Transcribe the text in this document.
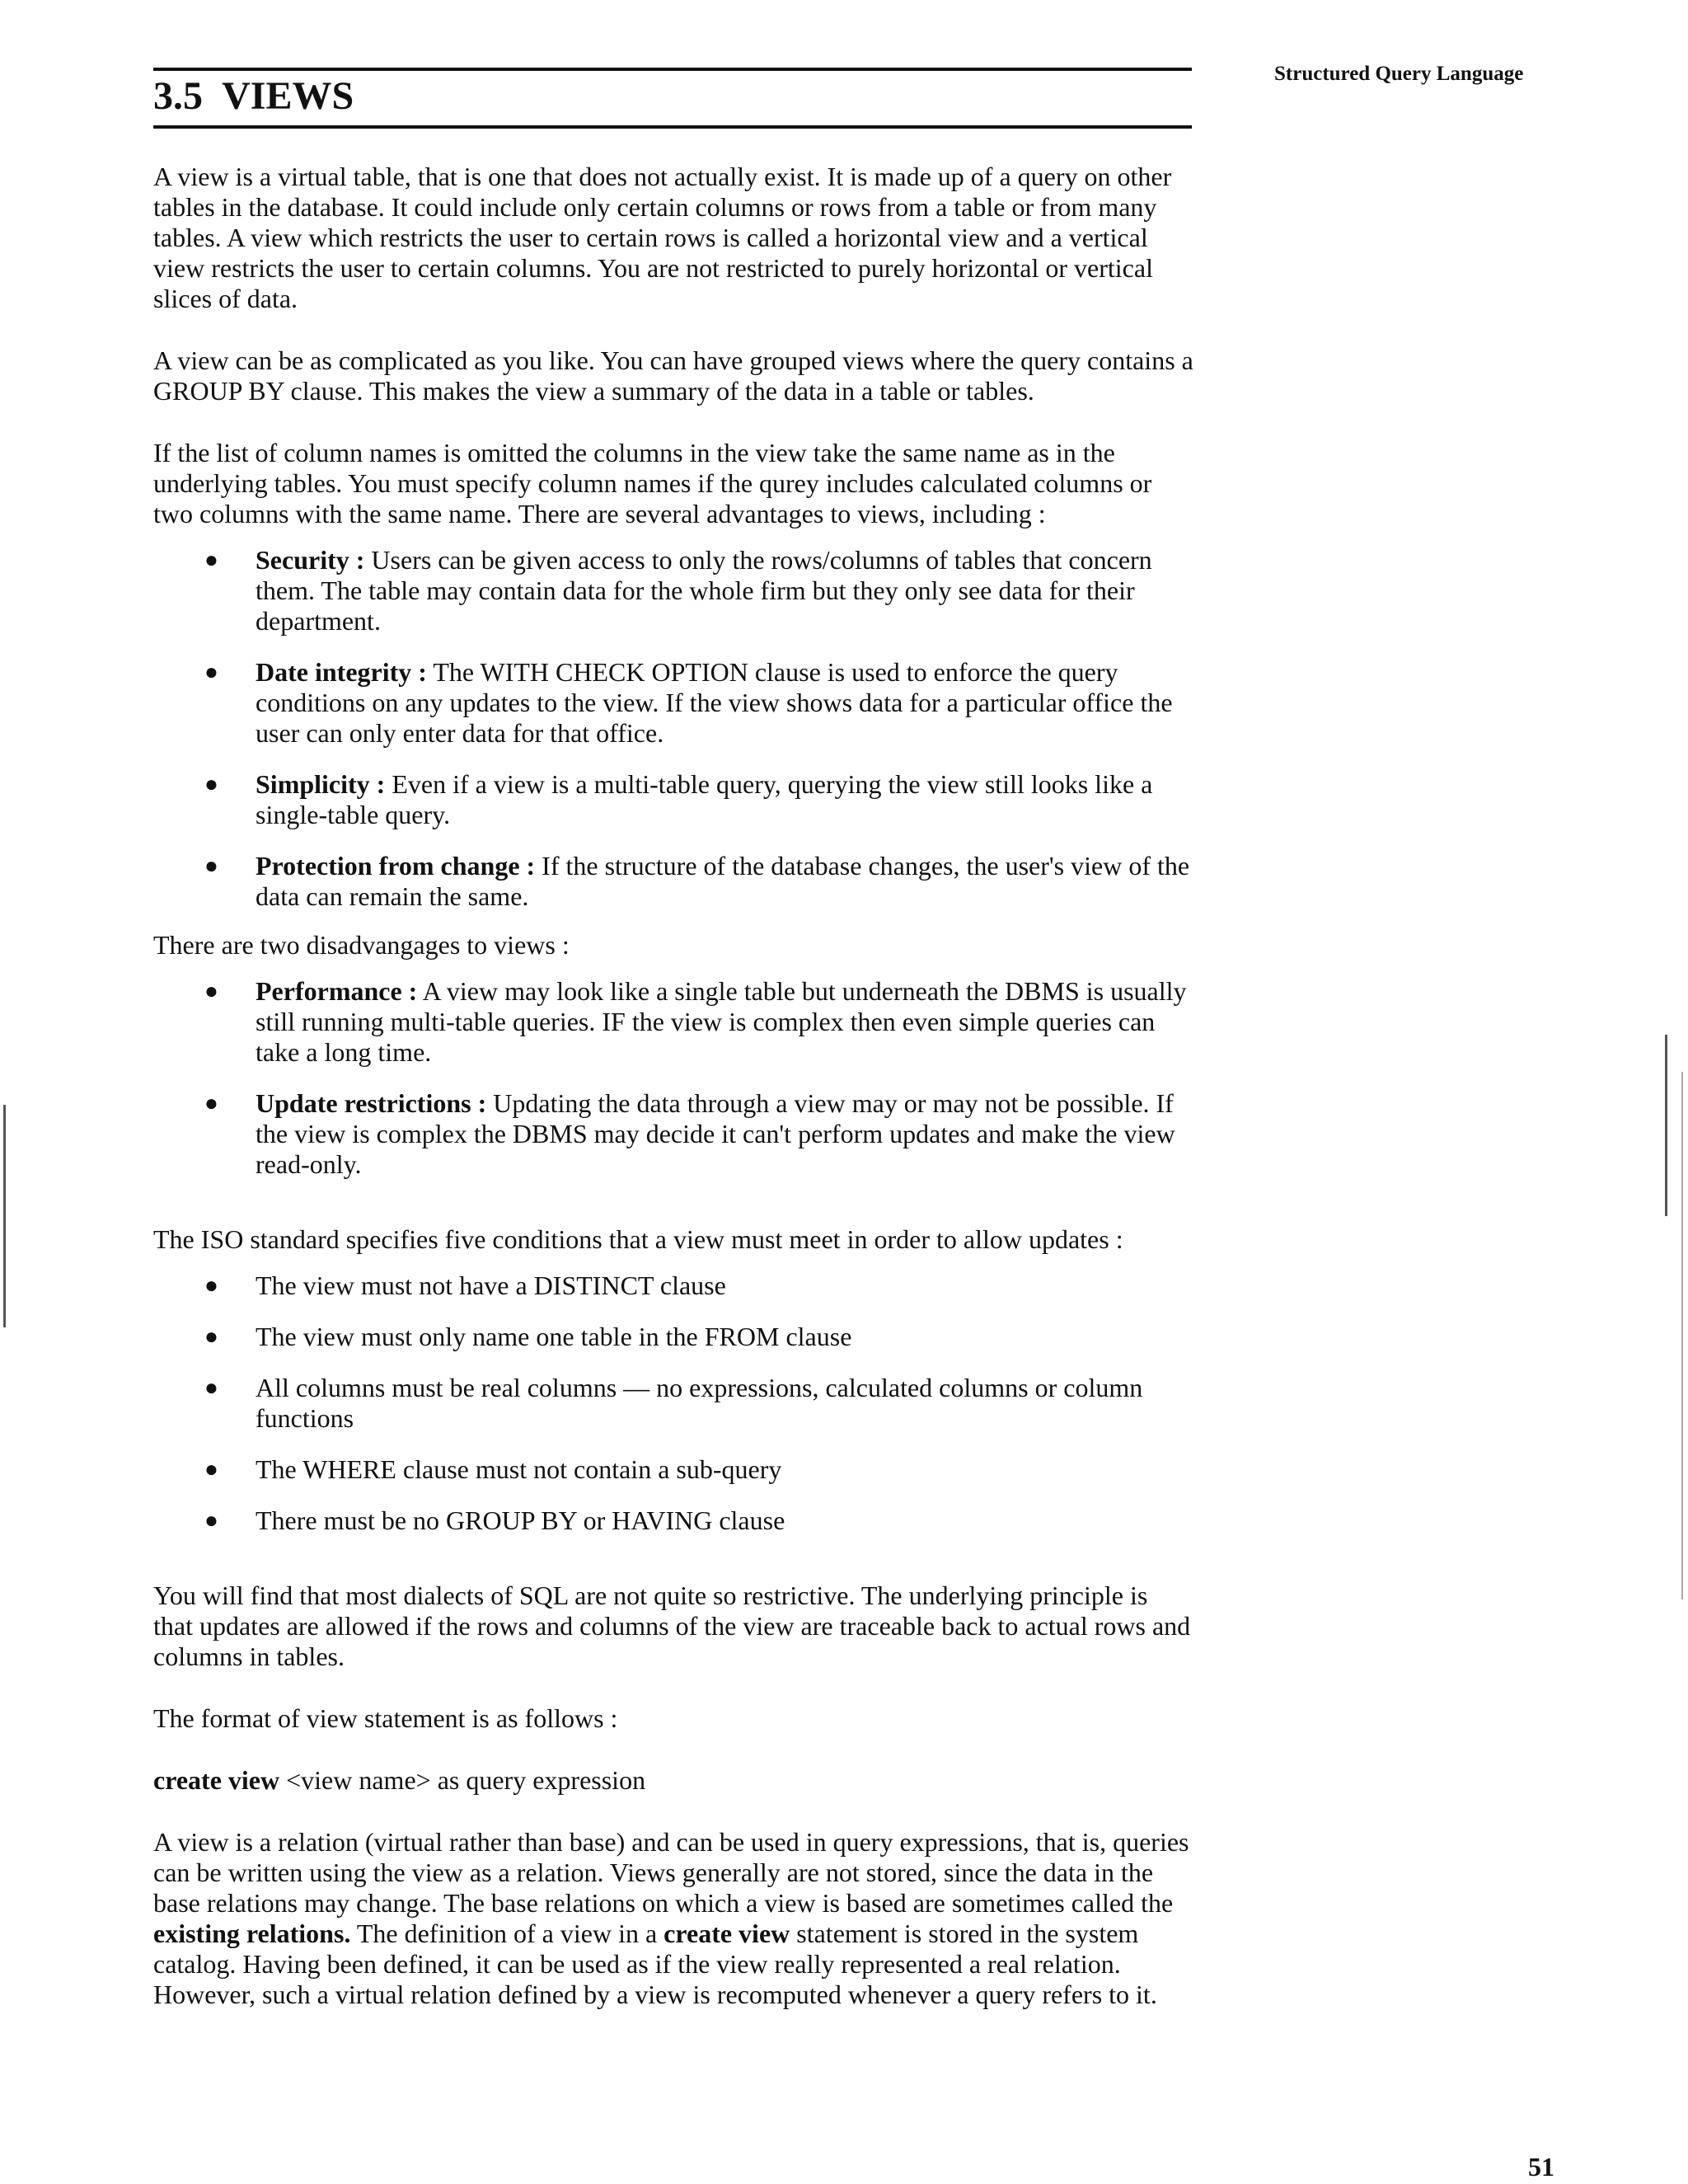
3.5 VIEWS
Structured Query Language

A view is a virtual table, that is one that does not actually exist. It is made up of a query on other tables in the database. It could include only certain columns or rows from a table or from many tables. A view which restricts the user to certain rows is called a horizontal view and a vertical view restricts the user to certain columns. You are not restricted to purely horizontal or vertical slices of data.

A view can be as complicated as you like. You can have grouped views where the query contains a GROUP BY clause. This makes the view a summary of the data in a table or tables.

If the list of column names is omitted the columns in the view take the same name as in the underlying tables. You must specify column names if the qurey includes calculated columns or two columns with the same name. There are several advantages to views, including :

● Security : Users can be given access to only the rows/columns of tables that concern them. The table may contain data for the whole firm but they only see data for their department.
● Date integrity : The WITH CHECK OPTION clause is used to enforce the query conditions on any updates to the view. If the view shows data for a particular office the user can only enter data for that office.
● Simplicity : Even if a view is a multi-table query, querying the view still looks like a single-table query.
● Protection from change : If the structure of the database changes, the user's view of the data can remain the same.

There are two disadvangages to views :

● Performance : A view may look like a single table but underneath the DBMS is usually still running multi-table queries. IF the view is complex then even simple queries can take a long time.
● Update restrictions : Updating the data through a view may or may not be possible. If the view is complex the DBMS may decide it can't perform updates and make the view read-only.

The ISO standard specifies five conditions that a view must meet in order to allow updates :

● The view must not have a DISTINCT clause
● The view must only name one table in the FROM clause
● All columns must be real columns — no expressions, calculated columns or column functions
● The WHERE clause must not contain a sub-query
● There must be no GROUP BY or HAVING clause

You will find that most dialects of SQL are not quite so restrictive. The underlying principle is that updates are allowed if the rows and columns of the view are traceable back to actual rows and columns in tables.

The format of view statement is as follows :

create view <view name> as query expression

A view is a relation (virtual rather than base) and can be used in query expressions, that is, queries can be written using the view as a relation. Views generally are not stored, since the data in the base relations may change. The base relations on which a view is based are sometimes called the existing relations. The definition of a view in a create view statement is stored in the system catalog. Having been defined, it can be used as if the view really represented a real relation. However, such a virtual relation defined by a view is recomputed whenever a query refers to it.

51
